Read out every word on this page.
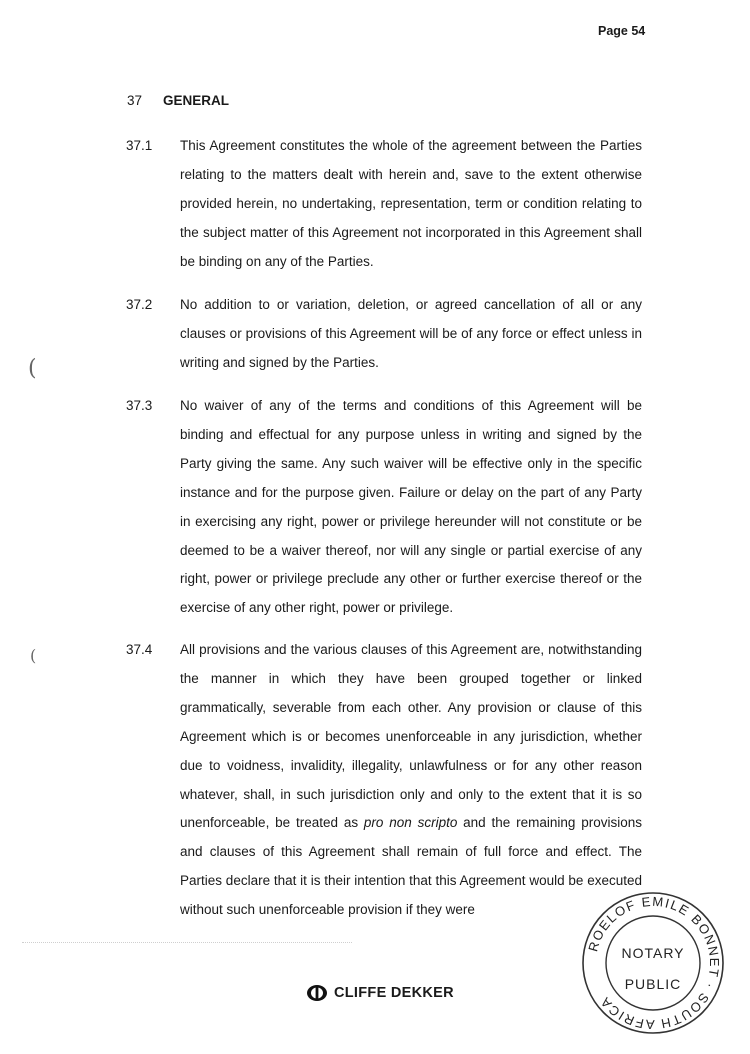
Page 54
37	GENERAL
37.1	This Agreement constitutes the whole of the agreement between the Parties relating to the matters dealt with herein and, save to the extent otherwise provided herein, no undertaking, representation, term or condition relating to the subject matter of this Agreement not incorporated in this Agreement shall be binding on any of the Parties.
37.2	No addition to or variation, deletion, or agreed cancellation of all or any clauses or provisions of this Agreement will be of any force or effect unless in writing and signed by the Parties.
37.3	No waiver of any of the terms and conditions of this Agreement will be binding and effectual for any purpose unless in writing and signed by the Party giving the same. Any such waiver will be effective only in the specific instance and for the purpose given. Failure or delay on the part of any Party in exercising any right, power or privilege hereunder will not constitute or be deemed to be a waiver thereof, nor will any single or partial exercise of any right, power or privilege preclude any other or further exercise thereof or the exercise of any other right, power or privilege.
37.4	All provisions and the various clauses of this Agreement are, notwithstanding the manner in which they have been grouped together or linked grammatically, severable from each other. Any provision or clause of this Agreement which is or becomes unenforceable in any jurisdiction, whether due to voidness, invalidity, illegality, unlawfulness or for any other reason whatever, shall, in such jurisdiction only and only to the extent that it is so unenforceable, be treated as pro non scripto and the remaining provisions and clauses of this Agreement shall remain of full force and effect. The Parties declare that it is their intention that this Agreement would be executed without such unenforceable provision if they were
(
(
CLIFFE DEKKER
ROELOF EMILE BONNET · SOUTH AFRICA
NOTARY
PUBLIC
